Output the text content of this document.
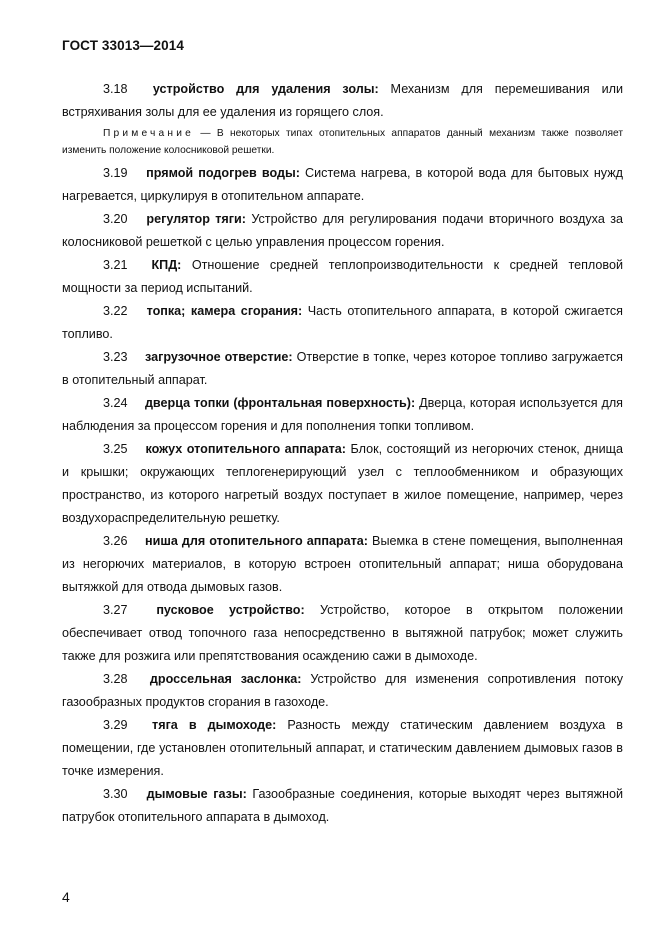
ГОСТ 33013—2014

3.18 устройство для удаления золы: Механизм для перемешивания или встряхивания золы для ее удаления из горящего слоя.

Примечание — В некоторых типах отопительных аппаратов данный механизм также позволяет изменить положение колосниковой решетки.

3.19 прямой подогрев воды: Система нагрева, в которой вода для бытовых нужд нагревается, циркулируя в отопительном аппарате.

3.20 регулятор тяги: Устройство для регулирования подачи вторичного воздуха за колосниковой решеткой с целью управления процессом горения.

3.21 КПД: Отношение средней теплопроизводительности к средней тепловой мощности за период испытаний.

3.22 топка; камера сгорания: Часть отопительного аппарата, в которой сжигается топливо.

3.23 загрузочное отверстие: Отверстие в топке, через которое топливо загружается в отопительный аппарат.

3.24 дверца топки (фронтальная поверхность): Дверца, которая используется для наблюдения за процессом горения и для пополнения топки топливом.

3.25 кожух отопительного аппарата: Блок, состоящий из негорючих стенок, днища и крышки; окружающих теплогенерирующий узел с теплообменником и образующих пространство, из которого нагретый воздух поступает в жилое помещение, например, через воздухораспределительную решетку.

3.26 ниша для отопительного аппарата: Выемка в стене помещения, выполненная из негорючих материалов, в которую встроен отопительный аппарат; ниша оборудована вытяжкой для отвода дымовых газов.

3.27 пусковое устройство: Устройство, которое в открытом положении обеспечивает отвод топочного газа непосредственно в вытяжной патрубок; может служить также для розжига или препятствования осаждению сажи в дымоходе.

3.28 дроссельная заслонка: Устройство для изменения сопротивления потоку газообразных продуктов сгорания в газоходе.

3.29 тяга в дымоходе: Разность между статическим давлением воздуха в помещении, где установлен отопительный аппарат, и статическим давлением дымовых газов в точке измерения.

3.30 дымовые газы: Газообразные соединения, которые выходят через вытяжной патрубок отопительного аппарата в дымоход.

4
